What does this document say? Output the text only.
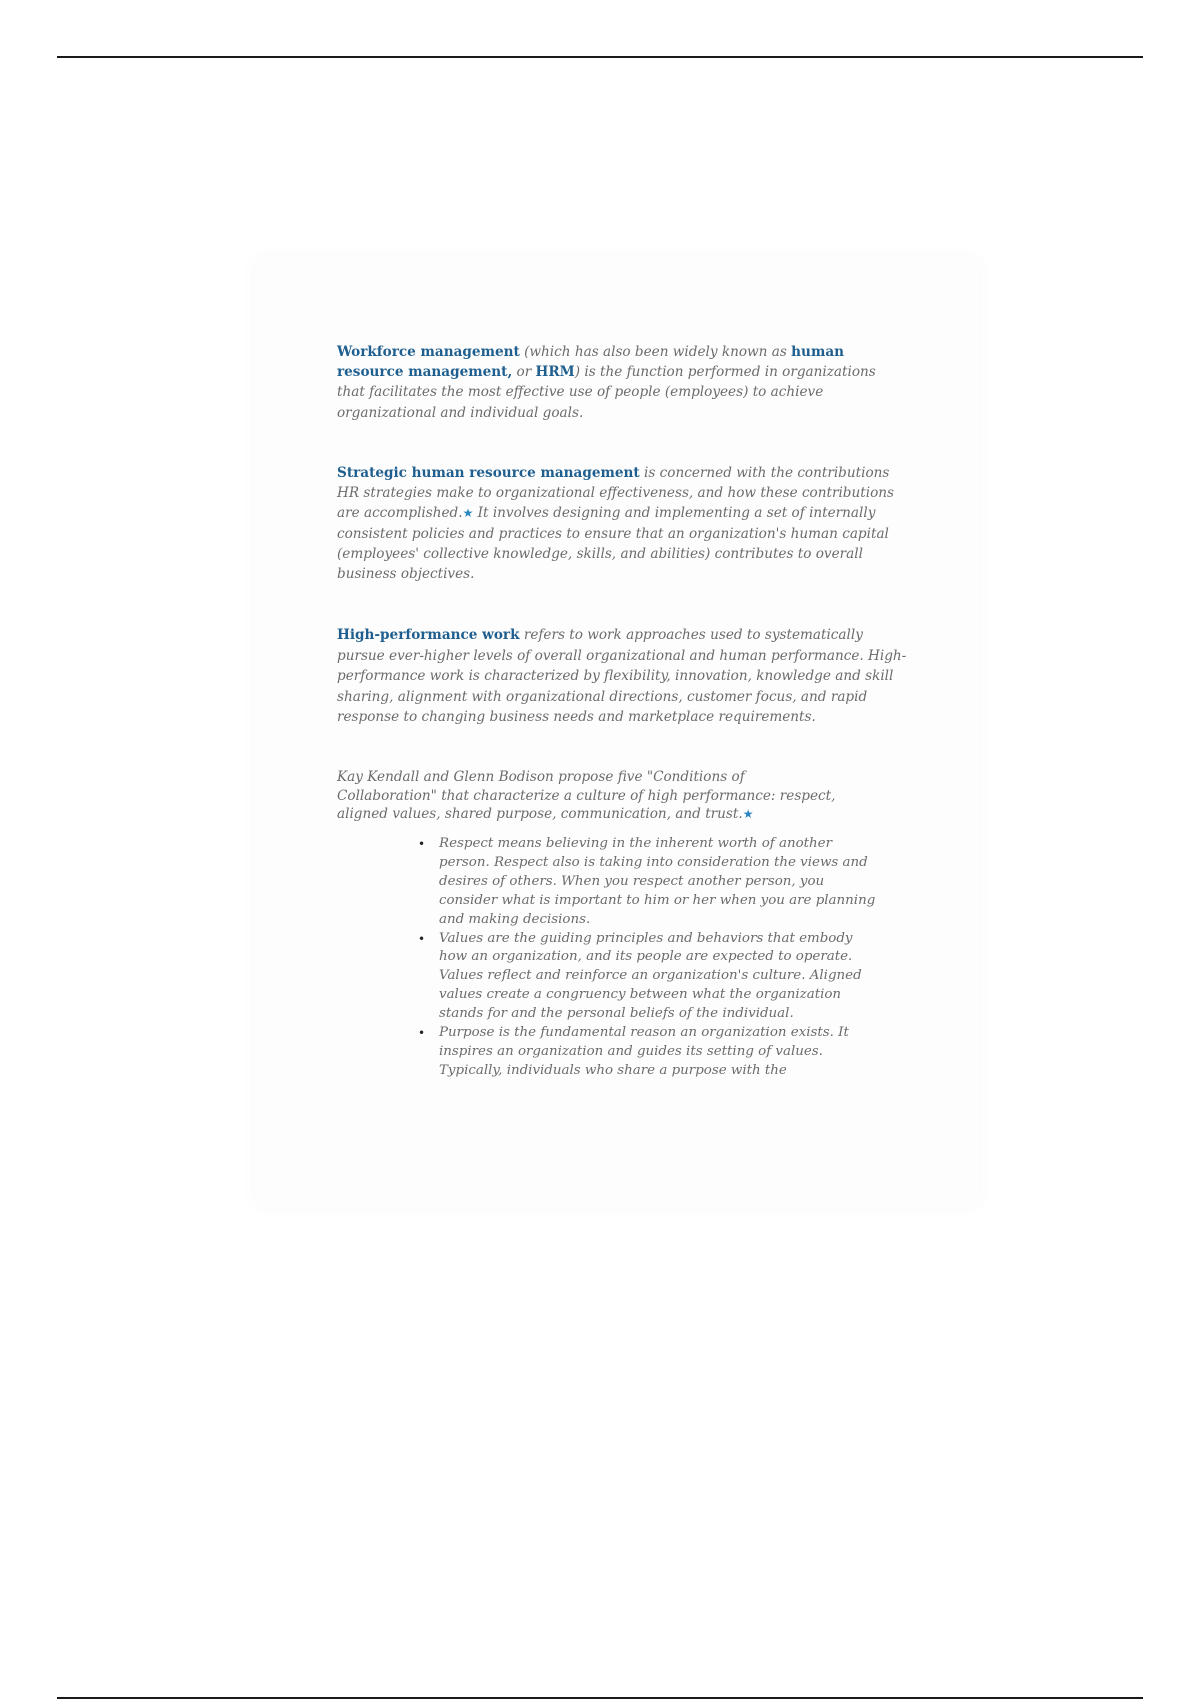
Workforce management (which has also been widely known as human resource management, or HRM) is the function performed in organizations that facilitates the most effective use of people (employees) to achieve organizational and individual goals.

Strategic human resource management is concerned with the contributions HR strategies make to organizational effectiveness, and how these contributions are accomplished.★ It involves designing and implementing a set of internally consistent policies and practices to ensure that an organization's human capital (employees' collective knowledge, skills, and abilities) contributes to overall business objectives.

High-performance work refers to work approaches used to systematically pursue ever-higher levels of overall organizational and human performance. High-performance work is characterized by flexibility, innovation, knowledge and skill sharing, alignment with organizational directions, customer focus, and rapid response to changing business needs and marketplace requirements.

Kay Kendall and Glenn Bodison propose five "Conditions of Collaboration" that characterize a culture of high performance: respect, aligned values, shared purpose, communication, and trust.★

• Respect means believing in the inherent worth of another person. Respect also is taking into consideration the views and desires of others. When you respect another person, you consider what is important to him or her when you are planning and making decisions.
• Values are the guiding principles and behaviors that embody how an organization, and its people are expected to operate. Values reflect and reinforce an organization's culture. Aligned values create a congruency between what the organization stands for and the personal beliefs of the individual.
• Purpose is the fundamental reason an organization exists. It inspires an organization and guides its setting of values. Typically, individuals who share a purpose with the
